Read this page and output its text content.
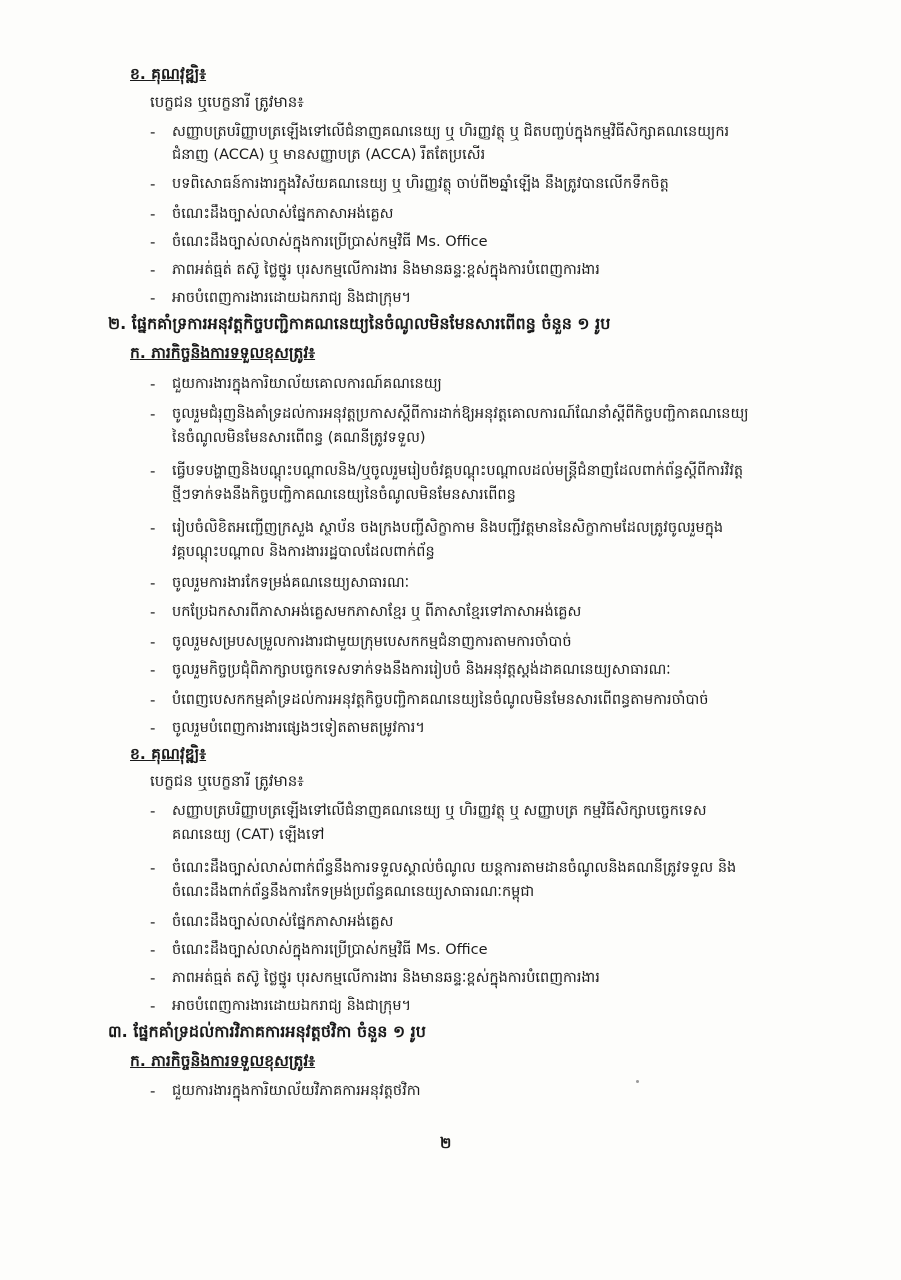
ខ. គុណវុឌ្ឍិ៖
បេក្ខជន ឬបេក្ខនារី ត្រូវមាន៖
- សញ្ញាបត្របរិញ្ញាបត្រឡើងទៅលើជំនាញគណនេយ្យ ឬ ហិរញ្ញវត្ថុ ឬ ជិតបញ្ចប់ក្នុងកម្មវិធីសិក្សាគណនេយ្យករ
ជំនាញ (ACCA) ឬ មានសញ្ញាបត្រ (ACCA) រឹតតែប្រសើរ
- បទពិសោធន៍ការងារក្នុងវិស័យគណនេយ្យ ឬ ហិរញ្ញវត្ថុ ចាប់ពី២ឆ្នាំឡើង នឹងត្រូវបានលើកទឹកចិត្ត
- ចំណេះដឹងច្បាស់លាស់ផ្នែកភាសាអង់គ្លេស
- ចំណេះដឹងច្បាស់លាស់ក្នុងការប្រើប្រាស់កម្មវិធី Ms. Office
- ភាពអត់ធ្មត់ តស៊ូ ថ្លៃថ្នូរ បុរសកម្មលើការងារ និងមានឆន្ទៈខ្ពស់ក្នុងការបំពេញការងារ
- អាចបំពេញការងារដោយឯករាជ្យ និងជាក្រុម។
២. ផ្នែកគាំទ្រការអនុវត្តកិច្ចបញ្ជិកាគណនេយ្យនៃចំណូលមិនមែនសារពើពន្ធ ចំនួន ១ រូប
ក. ភារកិច្ចនិងការទទួលខុសត្រូវ៖
- ជួយការងារក្នុងការិយាល័យគោលការណ៍គណនេយ្យ
- ចូលរួមជំរុញនិងគាំទ្រដល់ការអនុវត្តប្រកាសស្តីពីការដាក់ឱ្យអនុវត្តគោលការណ៍ណែនាំស្តីពីកិច្ចបញ្ជិកាគណនេយ្យ
នៃចំណូលមិនមែនសារពើពន្ធ (គណនីត្រូវទទួល)
- ធ្វើបទបង្ហាញនិងបណ្តុះបណ្តាលនិង/ឬចូលរួមរៀបចំវគ្គបណ្តុះបណ្តាលដល់មន្ត្រីជំនាញដែលពាក់ព័ន្ធស្តីពីការវិវត្ត
ថ្មីៗទាក់ទងនឹងកិច្ចបញ្ជិកាគណនេយ្យនៃចំណូលមិនមែនសារពើពន្ធ
- រៀបចំលិខិតអញ្ជើញក្រសួង ស្ថាប័ន ចងក្រងបញ្ជីសិក្ខាកាម និងបញ្ជីវត្តមាននៃសិក្ខាកាមដែលត្រូវចូលរួមក្នុង
វគ្គបណ្តុះបណ្តាល និងការងាររដ្ឋបាលដែលពាក់ព័ន្ធ
- ចូលរួមការងារកែទម្រង់គណនេយ្យសាធារណៈ
- បកប្រែឯកសារពីភាសាអង់គ្លេសមកភាសាខ្មែរ ឬ ពីភាសាខ្មែរទៅភាសាអង់គ្លេស
- ចូលរួមសម្របសម្រួលការងារជាមួយក្រុមបេសកកម្មជំនាញការតាមការចាំបាច់
- ចូលរួមកិច្ចប្រជុំពិភាក្សាបច្ចេកទេសទាក់ទងនឹងការរៀបចំ និងអនុវត្តស្តង់ដាគណនេយ្យសាធារណៈ
- បំពេញបេសកកម្មគាំទ្រដល់ការអនុវត្តកិច្ចបញ្ជិកាគណនេយ្យនៃចំណូលមិនមែនសារពើពន្ធតាមការចាំបាច់
- ចូលរួមបំពេញការងារផ្សេងៗទៀតតាមតម្រូវការ។
ខ. គុណវុឌ្ឍិ៖
បេក្ខជន ឬបេក្ខនារី ត្រូវមាន៖
- សញ្ញាបត្របរិញ្ញាបត្រឡើងទៅលើជំនាញគណនេយ្យ ឬ ហិរញ្ញវត្ថុ ឬ សញ្ញាបត្រ កម្មវិធីសិក្សាបច្ចេកទេស
គណនេយ្យ (CAT) ឡើងទៅ
- ចំណេះដឹងច្បាស់លាស់ពាក់ព័ន្ធនឹងការទទួលស្គាល់ចំណូល យន្តការតាមដានចំណូលនិងគណនីត្រូវទទួល និង
ចំណេះដឹងពាក់ព័ន្ធនឹងការកែទម្រង់ប្រព័ន្ធគណនេយ្យសាធារណៈកម្ពុជា
- ចំណេះដឹងច្បាស់លាស់ផ្នែកភាសាអង់គ្លេស
- ចំណេះដឹងច្បាស់លាស់ក្នុងការប្រើប្រាស់កម្មវិធី Ms. Office
- ភាពអត់ធ្មត់ តស៊ូ ថ្លៃថ្នូរ បុរសកម្មលើការងារ និងមានឆន្ទៈខ្ពស់ក្នុងការបំពេញការងារ
- អាចបំពេញការងារដោយឯករាជ្យ និងជាក្រុម។
៣. ផ្នែកគាំទ្រដល់ការវិភាគការអនុវត្តថវិកា ចំនួន ១ រូប
ក. ភារកិច្ចនិងការទទួលខុសត្រូវ៖
- ជួយការងារក្នុងការិយាល័យវិភាគការអនុវត្តថវិកា
២
